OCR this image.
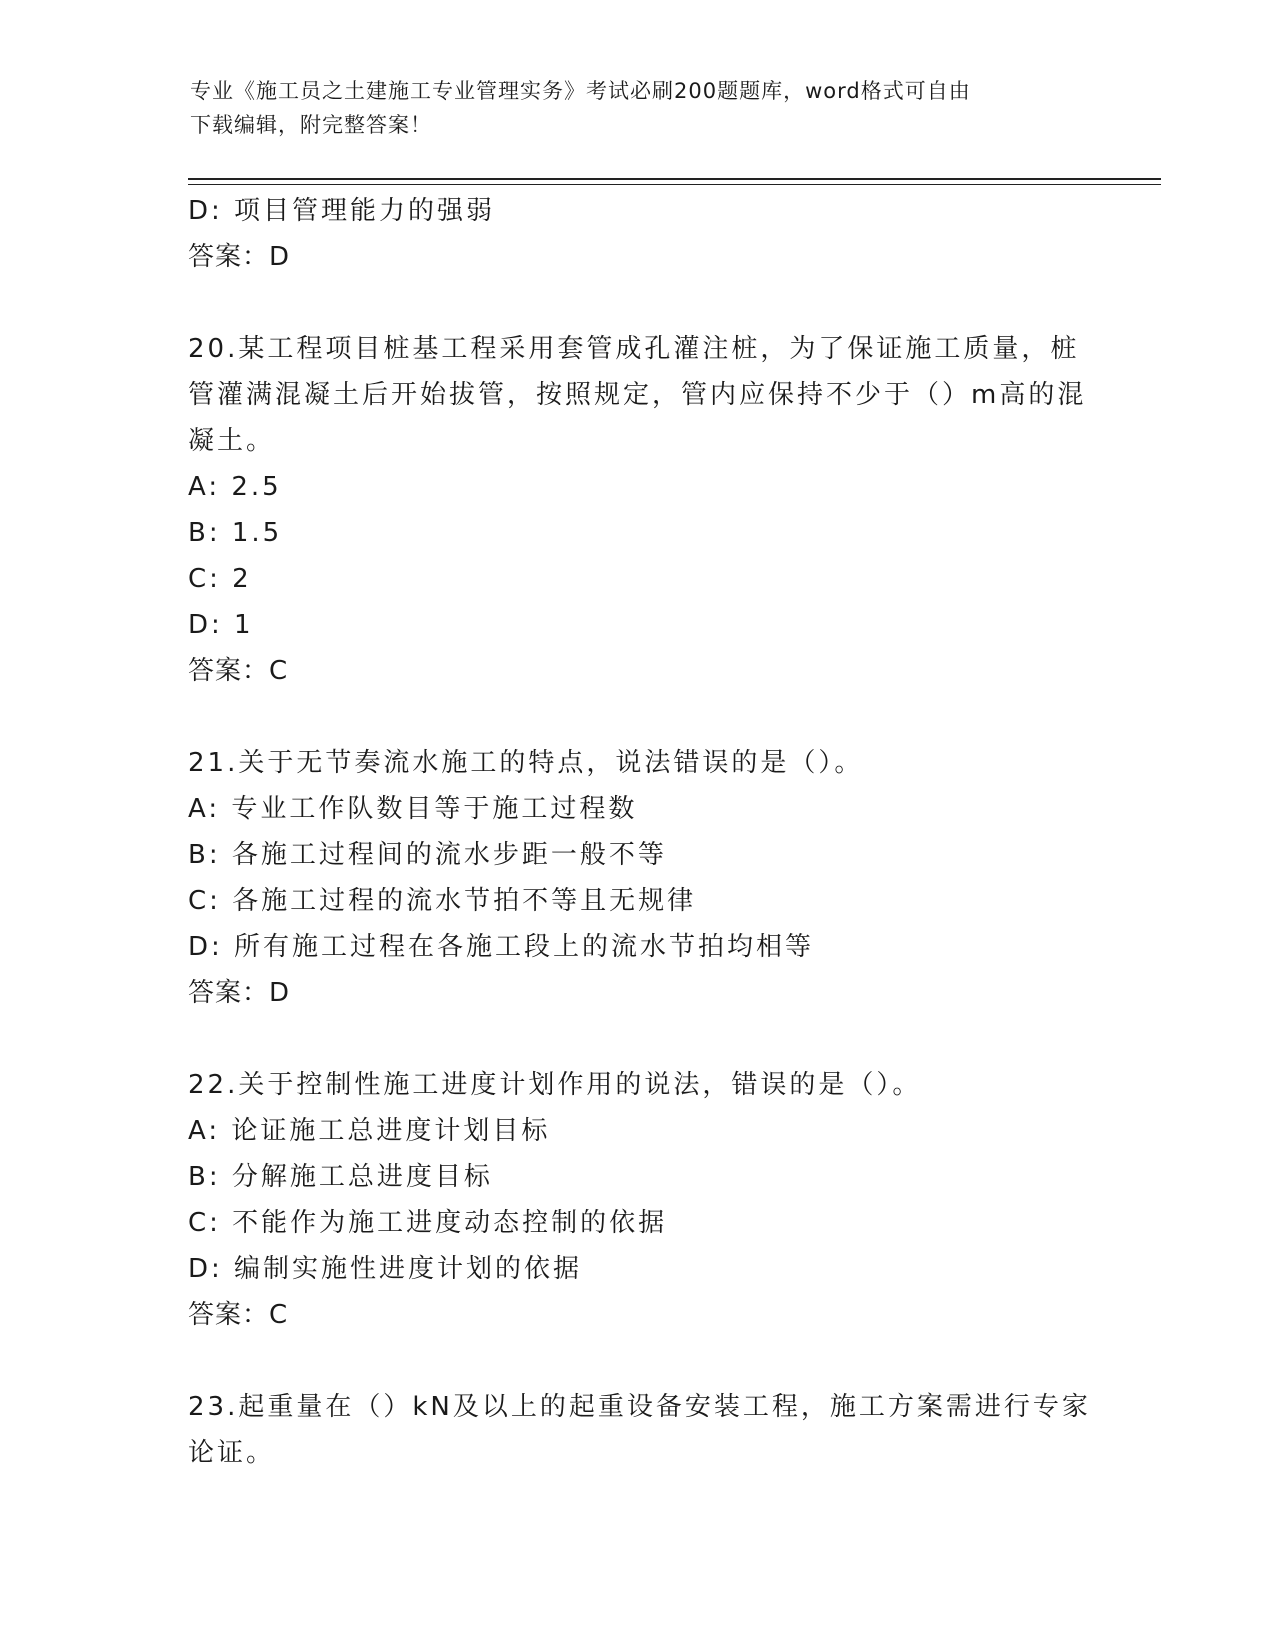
专业《施工员之土建施工专业管理实务》考试必刷200题题库，word格式可自由
下载编辑，附完整答案！
D: 项目管理能力的强弱
答案：D
20.某工程项目桩基工程采用套管成孔灌注桩，为了保证施工质量，桩
管灌满混凝土后开始拔管，按照规定，管内应保持不少于（）m高的混
凝土。
A: 2.5
B: 1.5
C: 2
D: 1
答案：C
21.关于无节奏流水施工的特点，说法错误的是（）。
A: 专业工作队数目等于施工过程数
B: 各施工过程间的流水步距一般不等
C: 各施工过程的流水节拍不等且无规律
D: 所有施工过程在各施工段上的流水节拍均相等
答案：D
22.关于控制性施工进度计划作用的说法，错误的是（）。
A: 论证施工总进度计划目标
B: 分解施工总进度目标
C: 不能作为施工进度动态控制的依据
D: 编制实施性进度计划的依据
答案：C
23.起重量在（）kN及以上的起重设备安装工程，施工方案需进行专家
论证。
